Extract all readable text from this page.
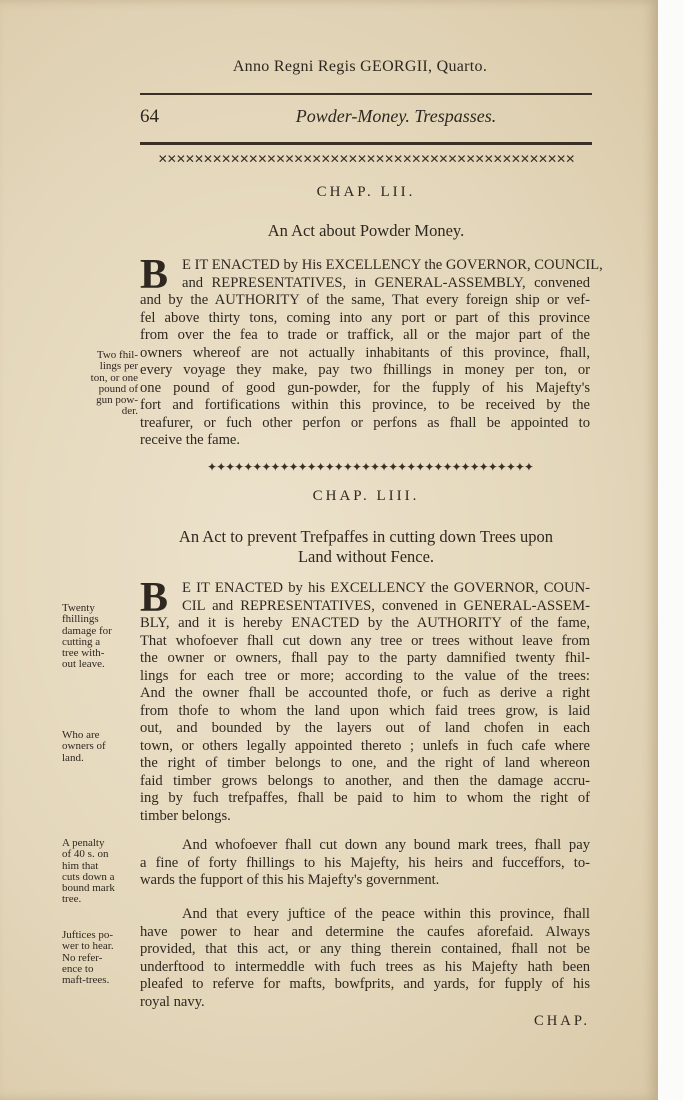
Anno Regni Regis GEORGII, Quarto.
64	Powder-Money. Trespasses.
✕✕✕✕✕✕✕✕✕✕✕✕✕✕✕✕✕✕✕✕✕✕✕✕✕✕✕✕✕✕✕✕✕✕✕✕✕✕✕✕✕✕✕✕✕✕
CHAP. LII.
An Act about Powder Money.
E IT ENACTED by His EXCELLENCY the GOVERNOR, COUNCIL,
and REPRESENTATIVES, in GENERAL-ASSEMBLY, convened
and by the AUTHORITY of the same, That every foreign ship or vef-
fel above thirty tons, coming into any port or part of this province
from over the fea to trade or traffick, all or the major part of the
owners whereof are not actually inhabitants of this province, fhall,
every voyage they make, pay two fhillings in money per ton, or
one pound of good gun-powder, for the fupply of his Majefty's
fort and fortifications within this province, to be received by the
treafurer, or fuch other perfon or perfons as fhall be appointed to
receive the fame.
B
Two fhil-
lings per
ton, or one
pound of
gun pow-
der.
✦✦✦✦✦✦✦✦✦✦✦✦✦✦✦✦✦✦✦✦✦✦✦✦✦✦✦✦✦✦✦✦✦✦✦✦
CHAP. LIII.
An Act to prevent Trefpaffes in cutting down Trees upon
Land without Fence.
E IT ENACTED by his EXCELLENCY the GOVERNOR, COUN-
CIL and REPRESENTATIVES, convened in GENERAL-ASSEM-
BLY, and it is hereby ENACTED by the AUTHORITY of the fame,
That whofoever fhall cut down any tree or trees without leave from
the owner or owners, fhall pay to the party damnified twenty fhil-
lings for each tree or more; according to the value of the trees:
And the owner fhall be accounted thofe, or fuch as derive a right
from thofe to whom the land upon which faid trees grow, is laid
out, and bounded by the layers out of land chofen in each
town, or others legally appointed thereto ; unlefs in fuch cafe where
the right of timber belongs to one, and the right of land whereon
faid timber grows belongs to another, and then the damage accru-
ing by fuch trefpaffes, fhall be paid to him to whom the right of
timber belongs.
B
Twenty
fhillings
damage for
cutting a
tree with-
out leave.
Who are
owners of
land.
And whofoever fhall cut down any bound mark trees, fhall pay
a fine of forty fhillings to his Majefty, his heirs and fucceffors, to-
wards the fupport of this his Majefty's government.
A penalty
of 40 s. on
him that
cuts down a
bound mark
tree.
And that every juftice of the peace within this province, fhall
have power to hear and determine the caufes aforefaid. Always
provided, that this act, or any thing therein contained, fhall not be
underftood to intermeddle with fuch trees as his Majefty hath been
pleafed to referve for mafts, bowfprits, and yards, for fupply of his
royal navy.
Juftices po-
wer to hear.
No refer-
ence to
maft-trees.
CHAP.
